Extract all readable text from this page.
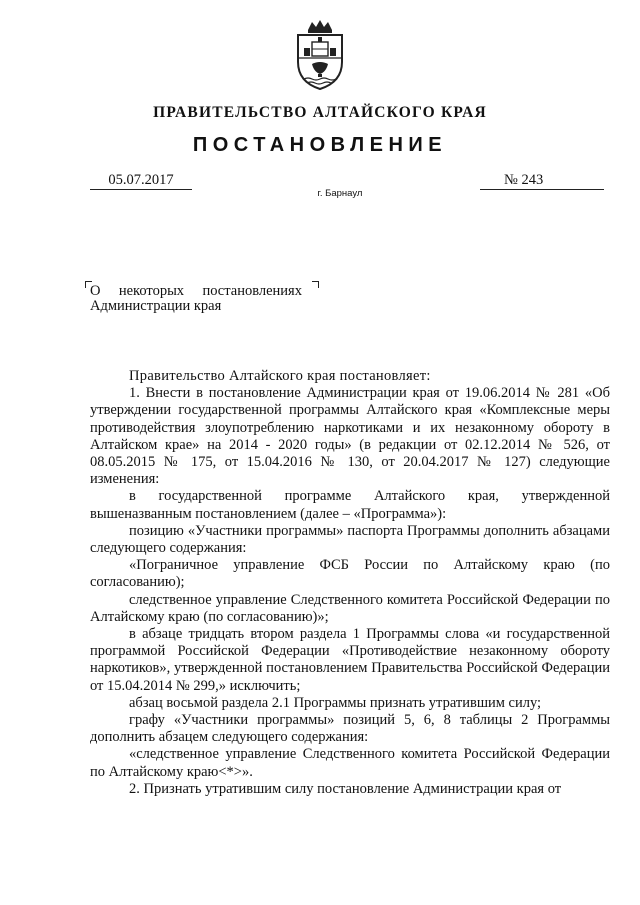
ПРАВИТЕЛЬСТВО АЛТАЙСКОГО КРАЯ
ПОСТАНОВЛЕНИЕ
05.07.2017	№ 243
г. Барнаул
О некоторых постановлениях
Администрации края

Правительство Алтайского края постановляет:

1. Внести в постановление Администрации края от 19.06.2014 № 281 «Об утверждении государственной программы Алтайского края «Комплексные меры противодействия злоупотреблению наркотиками и их незаконному обороту в Алтайском крае» на 2014 - 2020 годы» (в редакции от 02.12.2014 № 526, от 08.05.2015 № 175, от 15.04.2016 № 130, от 20.04.2017 № 127) следующие изменения:

в государственной программе Алтайского края, утвержденной вышеназванным постановлением (далее – «Программа»):

позицию «Участники программы» паспорта Программы дополнить абзацами следующего содержания:

«Пограничное управление ФСБ России по Алтайскому краю (по согласованию);

следственное управление Следственного комитета Российской Федерации по Алтайскому краю (по согласованию)»;

в абзаце тридцать втором раздела 1 Программы слова «и государственной программой Российской Федерации «Противодействие незаконному обороту наркотиков», утвержденной постановлением Правительства Российской Федерации от 15.04.2014 № 299,» исключить;

абзац восьмой раздела 2.1 Программы признать утратившим силу;

графу «Участники программы» позиций 5, 6, 8 таблицы 2 Программы дополнить абзацем следующего содержания:

«следственное управление Следственного комитета Российской Федерации по Алтайскому краю<*>».

2. Признать утратившим силу постановление Администрации края от
